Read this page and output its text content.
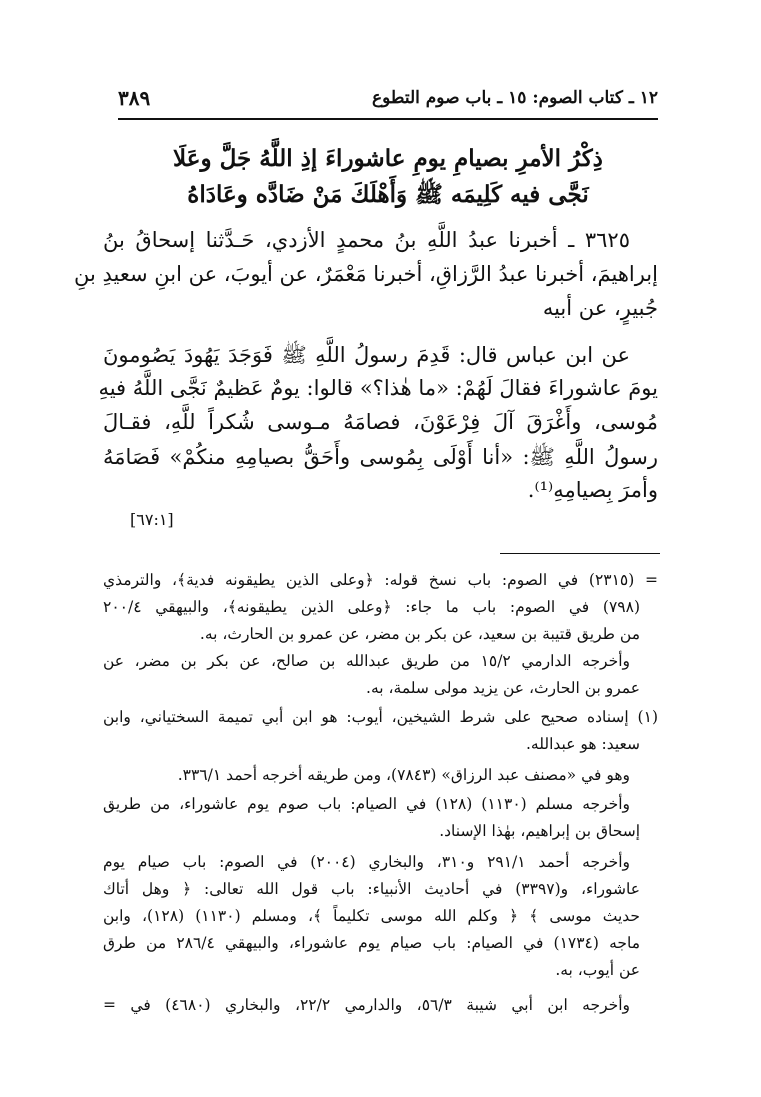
١٢ ـ كتاب الصوم: ١٥ ـ باب صوم التطوع
٣٨٩
ذِكْرُ الأمرِ بصيامِ يومِ عاشوراءَ إذِ اللَّهُ جَلَّ وعَلَا
نَجَّى فيه كَلِيمَه ﷺ وَأَهْلَكَ مَنْ ضَادَّه وعَادَاهُ
٣٦٢٥ ـ أخبرنا عبدُ اللَّهِ بنُ محمدٍ الأزدي، حَـدَّثنا إسحاقُ بنُ
إبراهيمَ، أخبرنا عبدُ الرَّزاقِ، أخبرنا مَعْمَرٌ، عن أيوبَ، عن ابنِ سعيدِ بنِ
جُبيرٍ، عن أبيه
عن ابن عباس قال: قَدِمَ رسولُ اللَّهِ ﷺ فَوَجَدَ يَهُودَ يَصُومونَ
يومَ عاشوراءَ فقالَ لَهُمْ: «ما هٰذا؟» قالوا: يومٌ عَظيمٌ نَجَّى اللَّهُ فيهِ
مُوسى، وأَغْرَقَ آلَ فِرْعَوْنَ، فصامَهُ مـوسى شُكراً للَّهِ، فقـالَ
رسولُ اللَّهِ ﷺ: «أنا أَوْلَى بِمُوسى وأَحَقُّ بصيامِهِ منكُمْ» فَصَامَهُ
وأمرَ بِصيامِهِ⁽¹⁾.
[٦٧:١]
= (٢٣١٥) في الصوم: باب نسخ قوله: ﴿وعلى الذين يطيقونه فدية﴾، والترمذي
(٧٩٨) في الصوم: باب ما جاء: ﴿وعلى الذين يطيقونه﴾، والبيهقي ٢٠٠/٤
من طريق قتيبة بن سعيد، عن بكر بن مضر، عن عمرو بن الحارث، به.
وأخرجه الدارمي ١٥/٢ من طريق عبدالله بن صالح، عن بكر بن مضر، عن
عمرو بن الحارث، عن يزيد مولى سلمة، به.
(١) إسناده صحيح على شرط الشيخين، أيوب: هو ابن أبي تميمة السختياني، وابن
سعيد: هو عبدالله.
وهو في «مصنف عبد الرزاق» (٧٨٤٣)، ومن طريقه أخرجه أحمد ٣٣٦/١.
وأخرجه مسلم (١١٣٠) (١٢٨) في الصيام: باب صوم يوم عاشوراء، من طريق
إسحاق بن إبراهيم، بهٰذا الإسناد.
وأخرجه أحمد ٢٩١/١ و٣١٠، والبخاري (٢٠٠٤) في الصوم: باب صيام يوم
عاشوراء، و(٣٣٩٧) في أحاديث الأنبياء: باب قول الله تعالى: ﴿ وهل أتاك
حديث موسى ﴾ ﴿ وكلم الله موسى تكليماً ﴾، ومسلم (١١٣٠) (١٢٨)، وابن
ماجه (١٧٣٤) في الصيام: باب صيام يوم عاشوراء، والبيهقي ٢٨٦/٤ من طرق
عن أيوب، به.
وأخرجه ابن أبي شيبة ٥٦/٣، والدارمي ٢٢/٢، والبخاري (٤٦٨٠) في =
